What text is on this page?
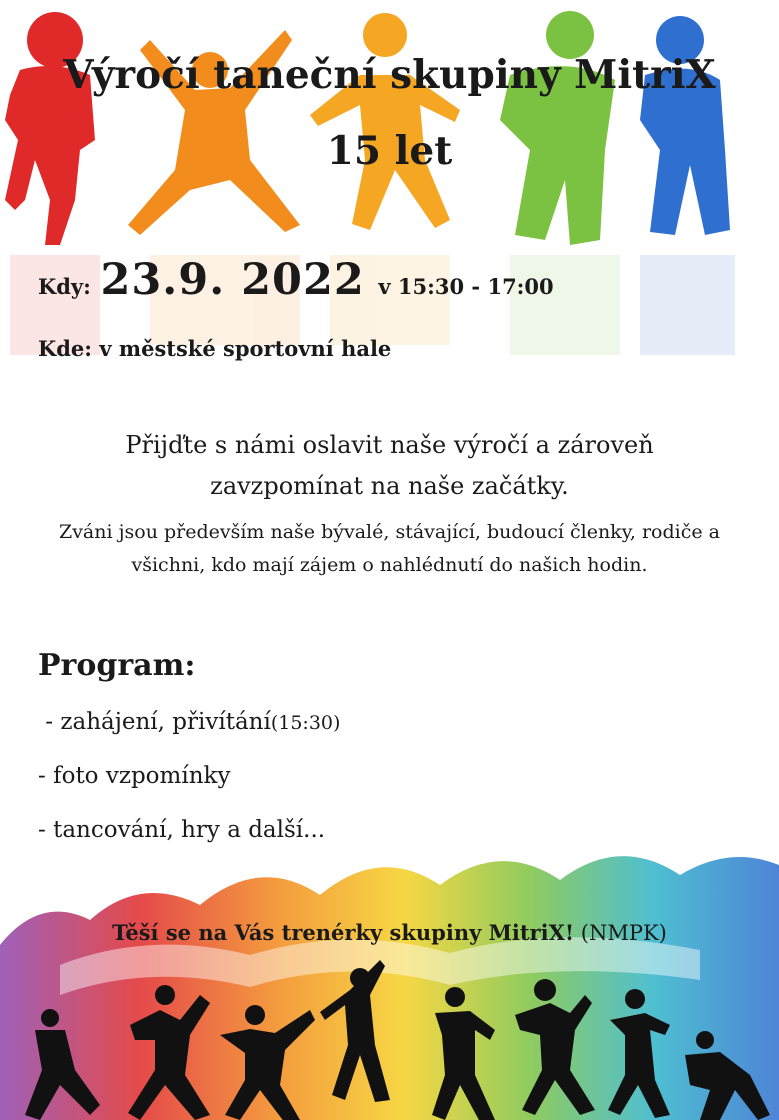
Výročí taneční skupiny MitriX
15 let
Kdy: 23.9. 2022 v 15:30 - 17:00
Kde: v městské sportovní hale
Přijďte s námi oslavit naše výročí a zároveň
zavzpomínat na naše začátky.
Zváni jsou především naše bývalé, stávající, budoucí členky, rodiče a
všichni, kdo mají zájem o nahlédnutí do našich hodin.
Program:
- zahájení, přivítání(15:30)
- foto vzpomínky
- tancování, hry a další...
Těší se na Vás trenérky skupiny MitriX! (NMPK)
